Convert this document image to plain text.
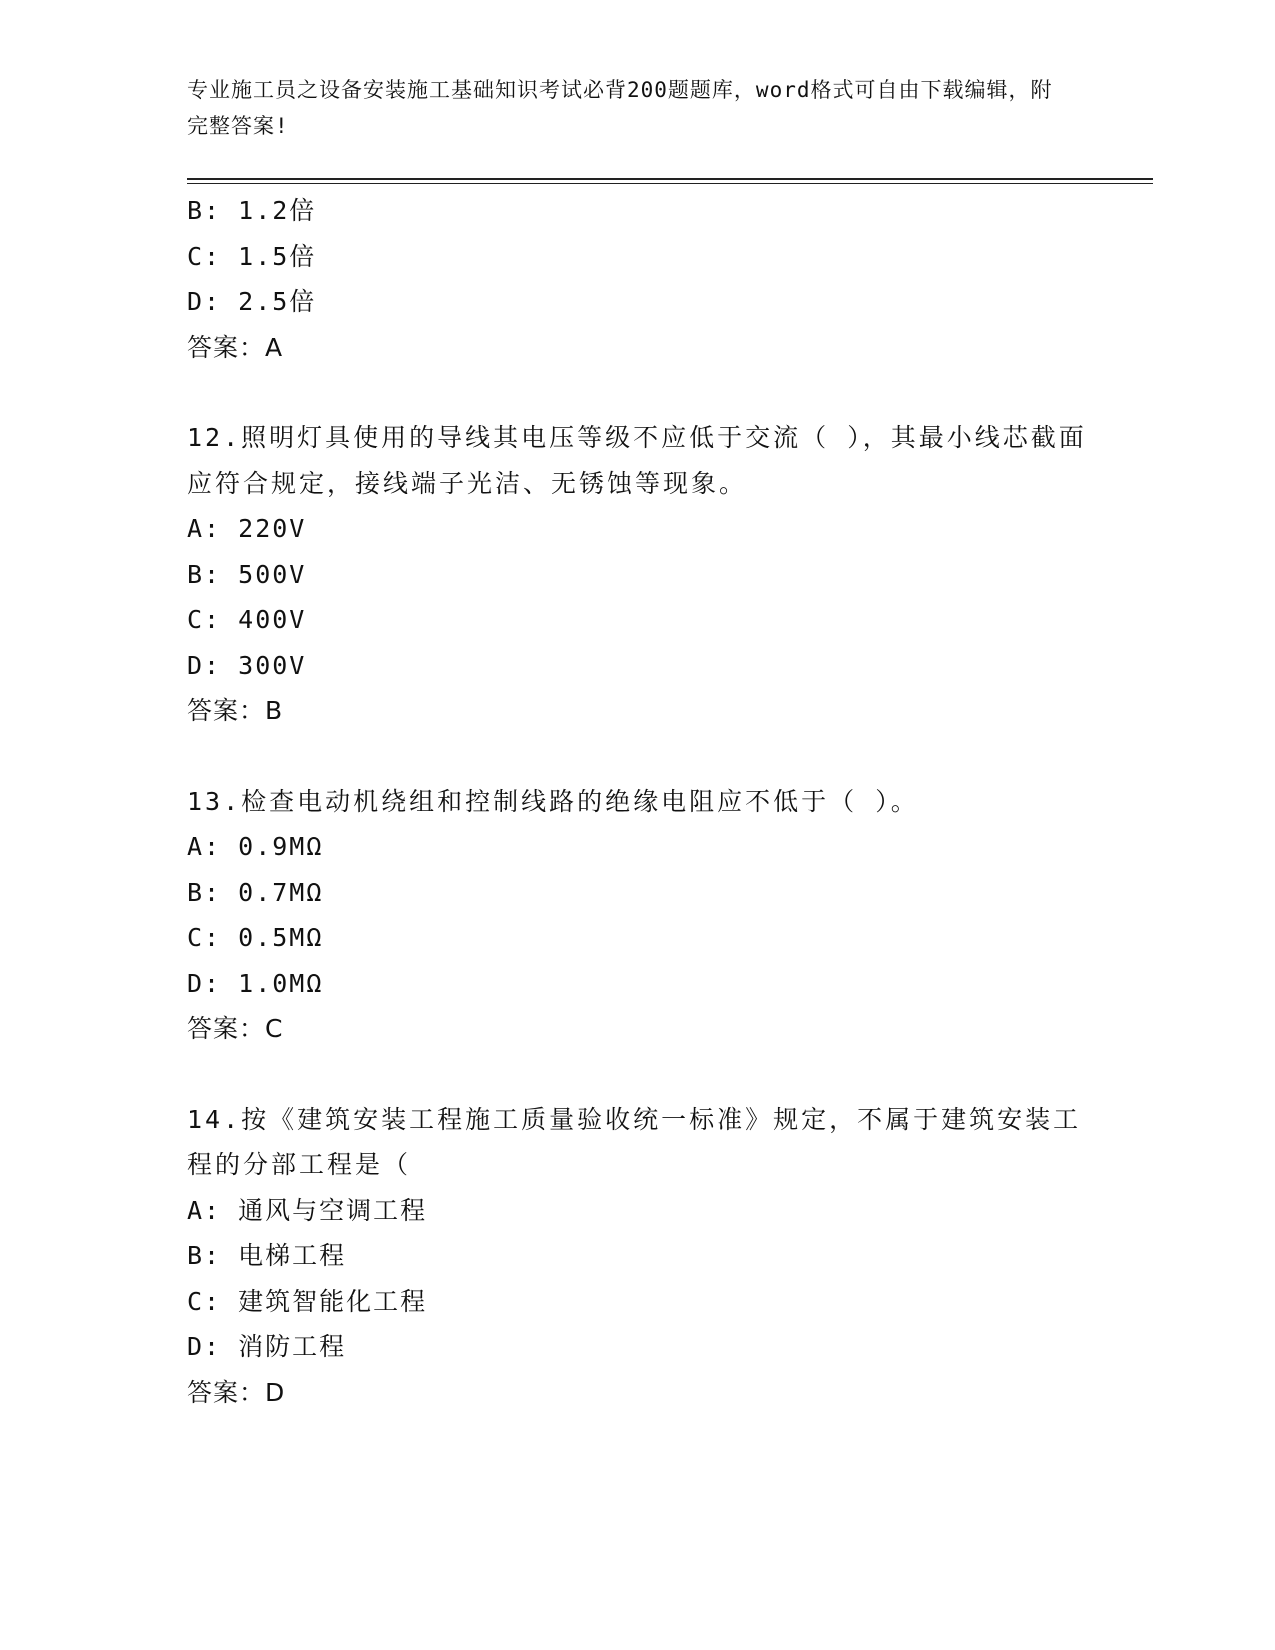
专业施工员之设备安装施工基础知识考试必背200题题库，word格式可自由下载编辑，附完整答案!
B: 1.2倍
C: 1.5倍
D: 2.5倍
答案：A
12.照明灯具使用的导线其电压等级不应低于交流（ ），其最小线芯截面应符合规定，接线端子光洁、无锈蚀等现象。
A: 220V
B: 500V
C: 400V
D: 300V
答案：B
13.检查电动机绕组和控制线路的绝缘电阻应不低于（ ）。
A: 0.9MΩ
B: 0.7MΩ
C: 0.5MΩ
D: 1.0MΩ
答案：C
14.按《建筑安装工程施工质量验收统一标准》规定，不属于建筑安装工程的分部工程是（
A: 通风与空调工程
B: 电梯工程
C: 建筑智能化工程
D: 消防工程
答案：D
